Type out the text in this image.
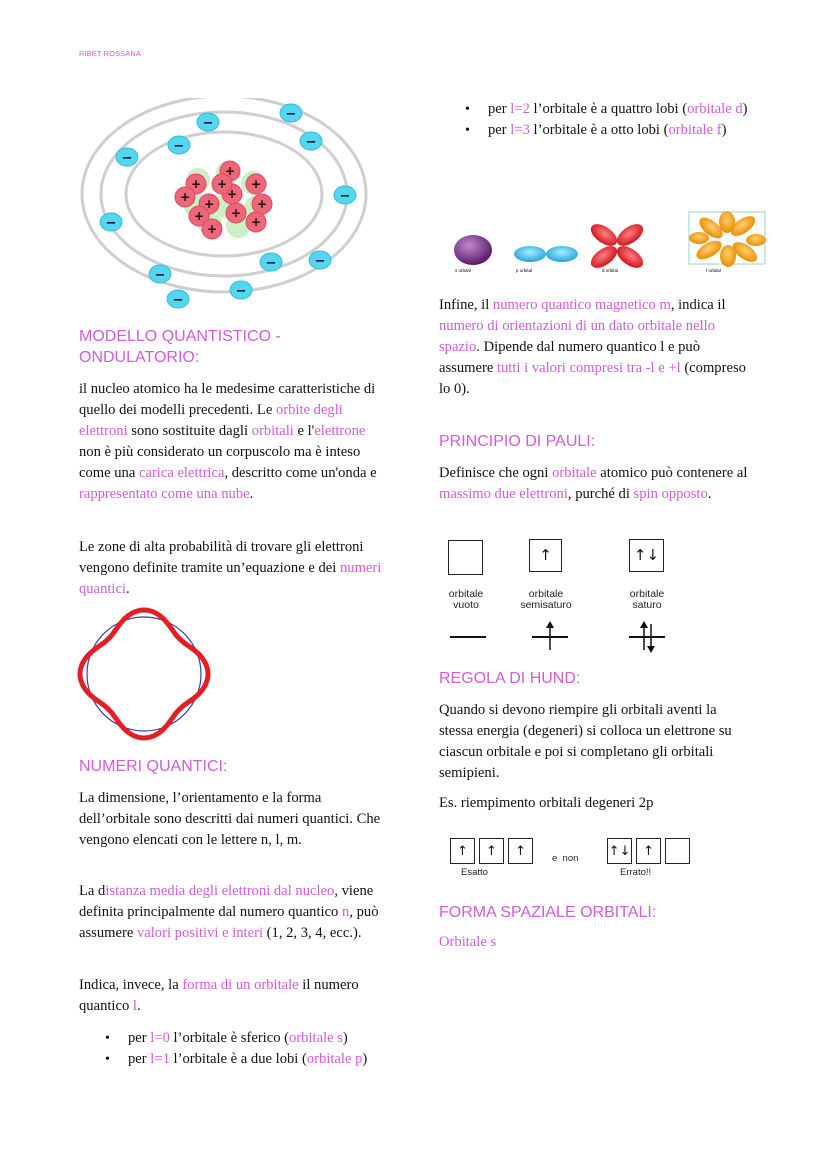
RIBET ROSSANA
+
+
+
+ +
+
+
+ +
+
+
+
−
−
−	−
−
−
−
−
−
−
−
−
MODELLO QUANTISTICO - ONDULATORIO:

il nucleo atomico ha le medesime caratteristiche di quello dei modelli precedenti. Le orbite degli elettroni sono sostituite dagli orbitali e l'elettrone non è più considerato un corpuscolo ma è inteso come una carica elettrica, descritto come un'onda e rappresentato come una nube.

Le zone di alta probabilità di trovare gli elettroni vengono definite tramite un’equazione e dei numeri quantici.

NUMERI QUANTICI:

La dimensione, l’orientamento e la forma dell’orbitale sono descritti dai numeri quantici. Che vengono elencati con le lettere n, l, m.

La distanza media degli elettroni dal nucleo, viene definita principalmente dal numero quantico n, può assumere valori positivi e interi (1, 2, 3, 4, ecc.).

Indica, invece, la forma di un orbitale il numero quantico l.

• per l=0 l’orbitale è sferico (orbitale s)
• per l=1 l’orbitale è a due lobi (orbitale p)
• per l=2 l’orbitale è a quattro lobi (orbitale d)
• per l=3 l’orbitale è a otto lobi (orbitale f)
s orbital	p orbital	d orbital	f orbital

Infine, il numero quantico magnetico m, indica il numero di orientazioni di un dato orbitale nello spazio. Dipende dal numero quantico l e può assumere tutti i valori compresi tra -l e +l (compreso lo 0).

PRINCIPIO DI PAULI:

Definisce che ogni orbitale atomico può contenere al massimo due elettroni, purché di spin opposto.

↑	↑↓
orbitale
vuoto
orbitale
semisaturo
orbitale
saturo
REGOLA DI HUND:

Quando si devono riempire gli orbitali aventi la stessa energia (degeneri) si colloca un elettrone su ciascun orbitale e poi si completano gli orbitali semipieni.

Es. riempimento orbitali degeneri 2p

↑	↑	↑
Esatto
e  non ↑↓ ↑
Errato!!
FORMA SPAZIALE ORBITALI:
Orbitale s
